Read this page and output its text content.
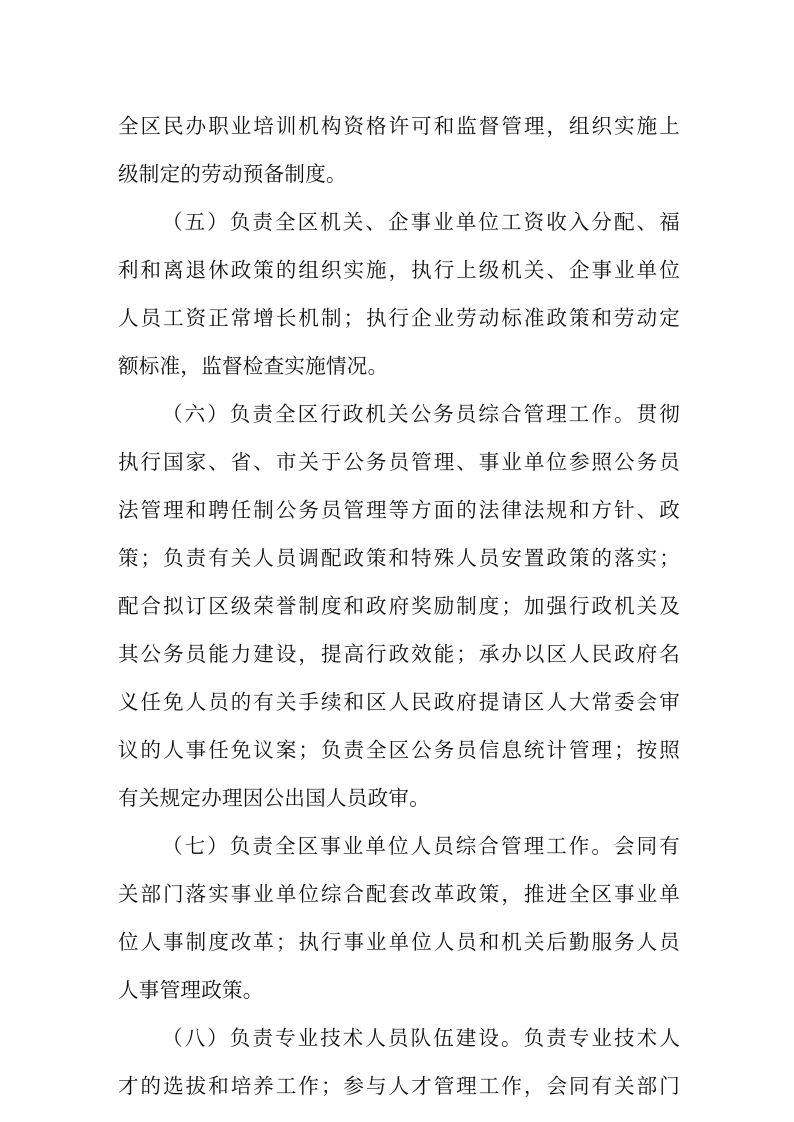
全区民办职业培训机构资格许可和监督管理，组织实施上
级制定的劳动预备制度。
（五）负责全区机关、企事业单位工资收入分配、福
利和离退休政策的组织实施，执行上级机关、企事业单位
人员工资正常增长机制；执行企业劳动标准政策和劳动定
额标准，监督检查实施情况。
（六）负责全区行政机关公务员综合管理工作。贯彻
执行国家、省、市关于公务员管理、事业单位参照公务员
法管理和聘任制公务员管理等方面的法律法规和方针、政
策；负责有关人员调配政策和特殊人员安置政策的落实；
配合拟订区级荣誉制度和政府奖励制度；加强行政机关及
其公务员能力建设，提高行政效能；承办以区人民政府名
义任免人员的有关手续和区人民政府提请区人大常委会审
议的人事任免议案；负责全区公务员信息统计管理；按照
有关规定办理因公出国人员政审。
（七）负责全区事业单位人员综合管理工作。会同有
关部门落实事业单位综合配套改革政策，推进全区事业单
位人事制度改革；执行事业单位人员和机关后勤服务人员
人事管理政策。
（八）负责专业技术人员队伍建设。负责专业技术人
才的选拔和培养工作；参与人才管理工作，会同有关部门
